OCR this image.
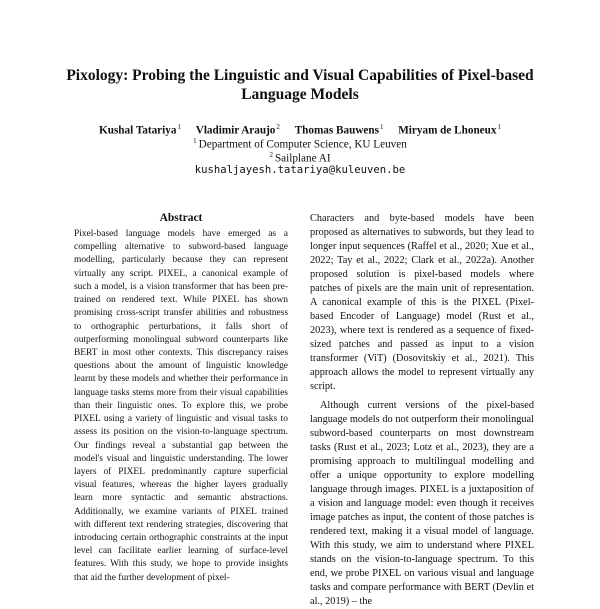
Pixology: Probing the Linguistic and Visual Capabilities of Pixel-based Language Models
Kushal Tatariya$^1$ Vladimir Araujo$^2$ Thomas Bauwens$^1$ Miryam de Lhoneux$^1$
$^1$ Department of Computer Science, KU Leuven
$^2$ Sailplane AI
kushaljayesh.tatariya@kuleuven.be
Abstract

Pixel-based language models have emerged as a compelling alternative to subword-based language modelling, particularly because they can represent virtually any script. PIXEL, a canonical example of such a model, is a vision transformer that has been pre-trained on rendered text. While PIXEL has shown promising cross-script transfer abilities and robustness to orthographic perturbations, it falls short of outperforming monolingual subword counterparts like BERT in most other contexts. This discrepancy raises questions about the amount of linguistic knowledge learnt by these models and whether their performance in language tasks stems more from their visual capabilities than their linguistic ones. To explore this, we probe PIXEL using a variety of linguistic and visual tasks to assess its position on the vision-to-language spectrum. Our findings reveal a substantial gap between the model's visual and linguistic understanding. The lower layers of PIXEL predominantly capture superficial visual features, whereas the higher layers gradually learn more syntactic and semantic abstractions. Additionally, we examine variants of PIXEL trained with different text rendering strategies, discovering that introducing certain orthographic constraints at the input level can facilitate earlier learning of surface-level features. With this study, we hope to provide insights that aid the further development of pixel-

Characters and byte-based models have been proposed as alternatives to subwords, but they lead to longer input sequences (Raffel et al., 2020; Xue et al., 2022; Tay et al., 2022; Clark et al., 2022a). Another proposed solution is pixel-based models where patches of pixels are the main unit of representation. A canonical example of this is the PIXEL (Pixel-based Encoder of Language) model (Rust et al., 2023), where text is rendered as a sequence of fixed-sized patches and passed as input to a vision transformer (ViT) (Dosovitskiy et al., 2021). This approach allows the model to represent virtually any script.

Although current versions of the pixel-based language models do not outperform their monolingual subword-based counterparts on most downstream tasks (Rust et al., 2023; Lotz et al., 2023), they are a promising approach to multilingual modelling and offer a unique opportunity to explore modelling language through images. PIXEL is a juxtaposition of a vision and language model: even though it receives image patches as input, the content of those patches is rendered text, making it a visual model of language. With this study, we aim to understand where PIXEL stands on the vision-to-language spectrum. To this end, we probe PIXEL on various visual and language tasks and compare performance with BERT (Devlin et al., 2019) – the
